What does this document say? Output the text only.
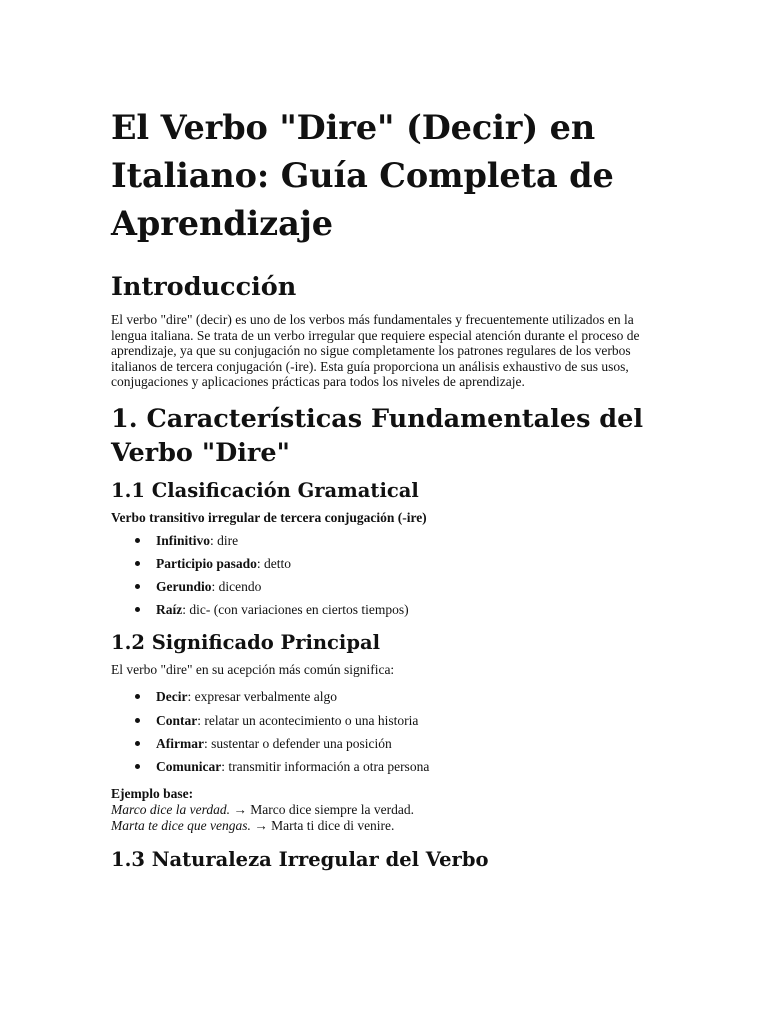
El Verbo "Dire" (Decir) en Italiano: Guía Completa de Aprendizaje
Introducción

El verbo "dire" (decir) es uno de los verbos más fundamentales y frecuentemente utilizados en la lengua italiana. Se trata de un verbo irregular que requiere especial atención durante el proceso de aprendizaje, ya que su conjugación no sigue completamente los patrones regulares de los verbos italianos de tercera conjugación (-ire). Esta guía proporciona un análisis exhaustivo de sus usos, conjugaciones y aplicaciones prácticas para todos los niveles de aprendizaje.

1. Características Fundamentales del Verbo "Dire"
1.1 Clasificación Gramatical
Verbo transitivo irregular de tercera conjugación (-ire)
Infinitivo: dire
Participio pasado: detto
Gerundio: dicendo
Raíz: dic- (con variaciones en ciertos tiempos)
1.2 Significado Principal

El verbo "dire" en su acepción más común significa:

Decir: expresar verbalmente algo
Contar: relatar un acontecimiento o una historia
Afirmar: sustentar o defender una posición
Comunicar: transmitir información a otra persona
Ejemplo base:
Marco dice la verdad. → Marco dice siempre la verdad.
Marta te dice que vengas. → Marta ti dice di venire.
1.3 Naturaleza Irregular del Verbo
